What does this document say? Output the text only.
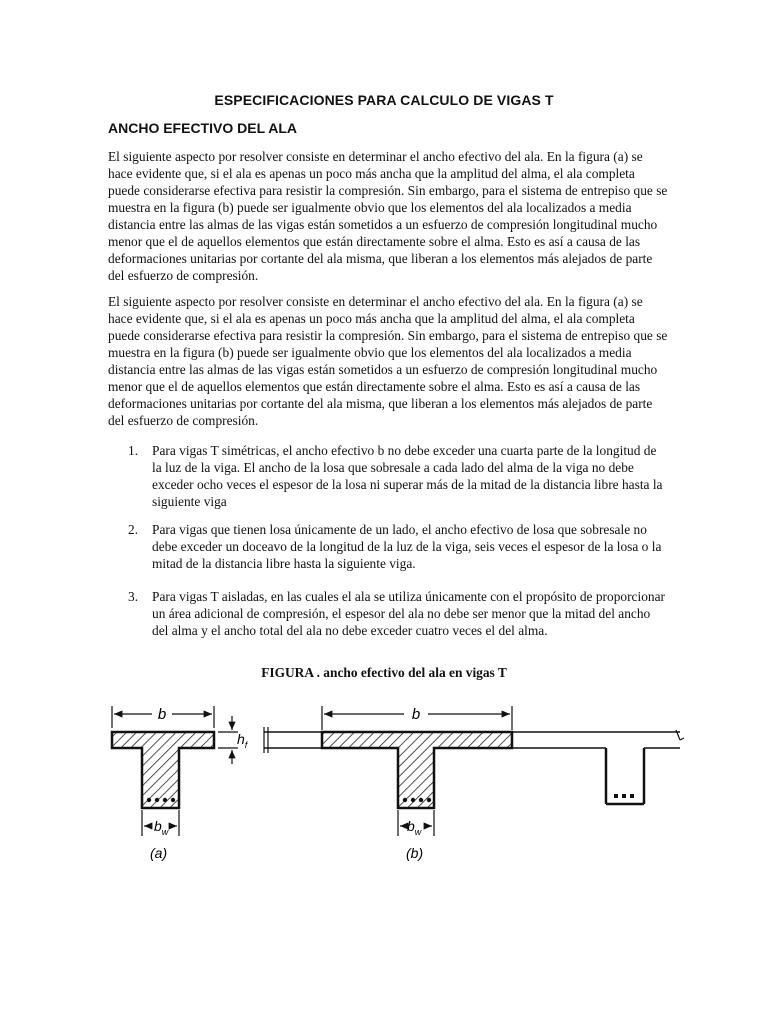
ESPECIFICACIONES PARA CALCULO DE VIGAS T
ANCHO EFECTIVO DEL ALA

El siguiente aspecto por resolver consiste en determinar el ancho efectivo del ala. En la figura (a) se hace evidente que, si el ala es apenas un poco más ancha que la amplitud del alma, el ala completa puede considerarse efectiva para resistir la compresión. Sin embargo, para el sistema de entrepiso que se muestra en la figura (b) puede ser igualmente obvio que los elementos del ala localizados a media distancia entre las almas de las vigas están sometidos a un esfuerzo de compresión longitudinal mucho menor que el de aquellos elementos que están directamente sobre el alma. Esto es así a causa de las deformaciones unitarias por cortante del ala misma, que liberan a los elementos más alejados de parte del esfuerzo de compresión.

El siguiente aspecto por resolver consiste en determinar el ancho efectivo del ala. En la figura (a) se hace evidente que, si el ala es apenas un poco más ancha que la amplitud del alma, el ala completa puede considerarse efectiva para resistir la compresión. Sin embargo, para el sistema de entrepiso que se muestra en la figura (b) puede ser igualmente obvio que los elementos del ala localizados a media distancia entre las almas de las vigas están sometidos a un esfuerzo de compresión longitudinal mucho menor que el de aquellos elementos que están directamente sobre el alma. Esto es así a causa de las deformaciones unitarias por cortante del ala misma, que liberan a los elementos más alejados de parte del esfuerzo de compresión.

1. Para vigas T simétricas, el ancho efectivo b no debe exceder una cuarta parte de la longitud de la luz de la viga. El ancho de la losa que sobresale a cada lado del alma de la viga no debe exceder ocho veces el espesor de la losa ni superar más de la mitad de la distancia libre hasta la siguiente viga
2. Para vigas que tienen losa únicamente de un lado, el ancho efectivo de losa que sobresale no debe exceder un doceavo de la longitud de la luz de la viga, seis veces el espesor de la losa o la mitad de la distancia libre hasta la siguiente viga.
3. Para vigas T aisladas, en las cuales el ala se utiliza únicamente con el propósito de proporcionar un área adicional de compresión, el espesor del ala no debe ser menor que la mitad del ancho del alma y el ancho total del ala no debe exceder cuatro veces el del alma.
FIGURA . ancho efectivo del ala en vigas T
b
$h_f$
$b_w$
(a)
b
$b_w$
(b)
